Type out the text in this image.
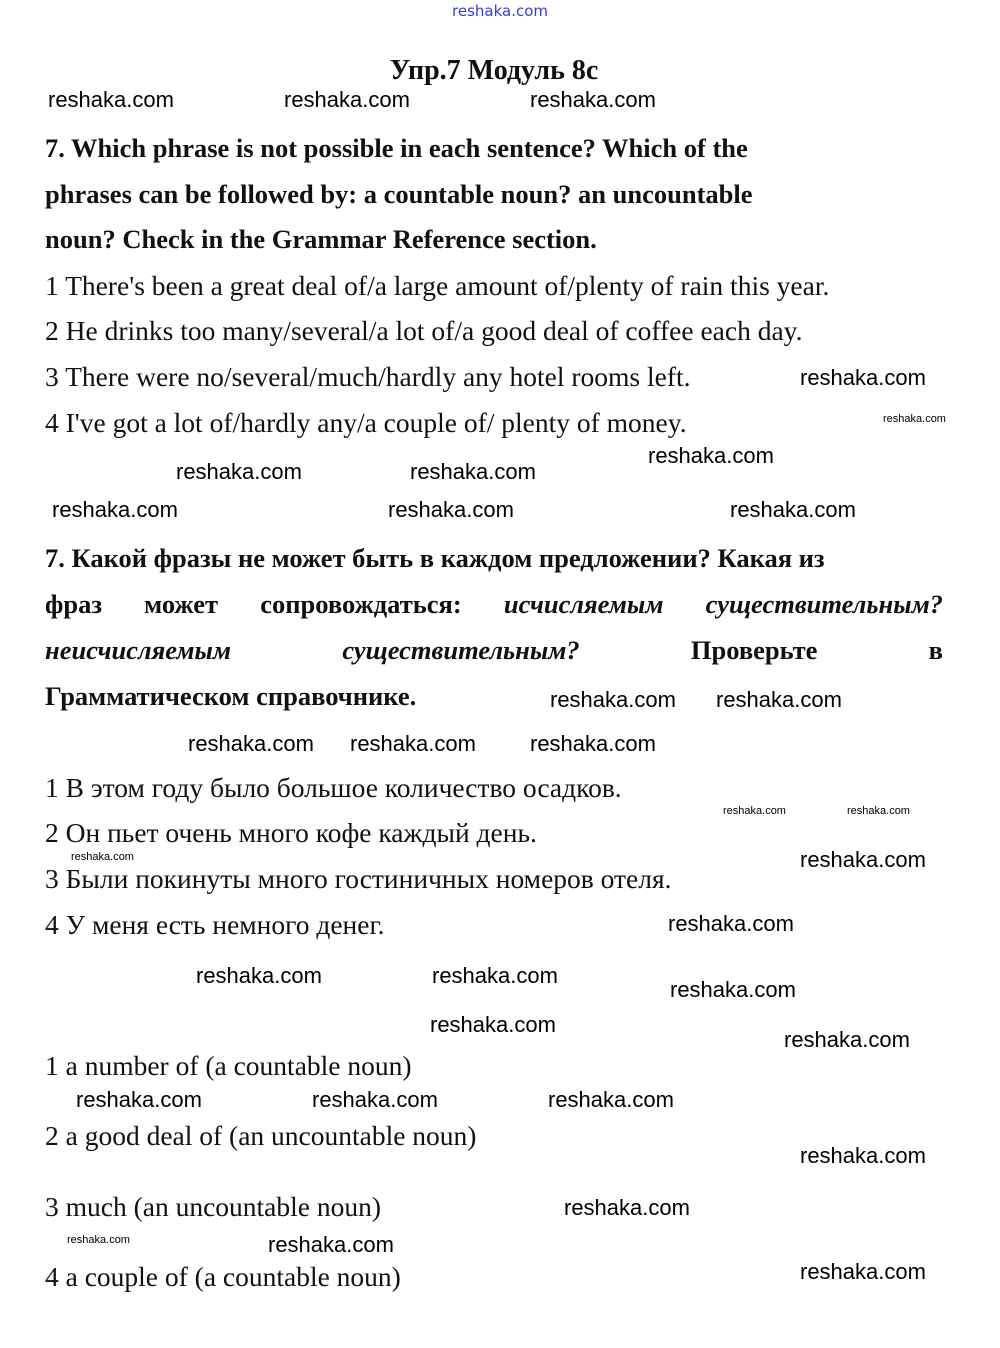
reshaka.com
Упр.7 Модуль 8c
7. Which phrase is not possible in each sentence? Which of the
phrases can be followed by: a countable noun? an uncountable
noun? Check in the Grammar Reference section.
1 There's been a great deal of/a large amount of/plenty of rain this year.
2 He drinks too many/several/a lot of/a good deal of coffee each day.
3 There were no/several/much/hardly any hotel rooms left.
4 I've got a lot of/hardly any/a couple of/ plenty of money.
7. Какой фразы не может быть в каждом предложении? Какая из
фраз может сопровождаться: исчисляемым существительным?
неисчисляемым	существительным?	Проверьте	в
Грамматическом справочнике.
1 В этом году было большое количество осадков.
2 Он пьет очень много кофе каждый день.
3 Были покинуты много гостиничных номеров отеля.
4 У меня есть немного денег.
1 a number of (a countable noun)
2 a good deal of (an uncountable noun)
3 much (an uncountable noun)
4 a couple of (a countable noun)
reshaka.com	reshaka.com	reshaka.com
reshaka.com	reshaka.com
reshaka.com
reshaka.com
reshaka.com
reshaka.com
reshaka.com
reshaka.com
reshaka.com
reshaka.com
reshaka.com
reshaka.com reshaka.com
reshaka.com
reshaka.com
reshaka.com	reshaka.com
reshaka.com	reshaka.com
reshaka.com
reshaka.com	reshaka.com
reshaka.com
reshaka.com	reshaka.com	reshaka.com
reshaka.com
reshaka.com
reshaka.com	reshaka.com
reshaka.com
